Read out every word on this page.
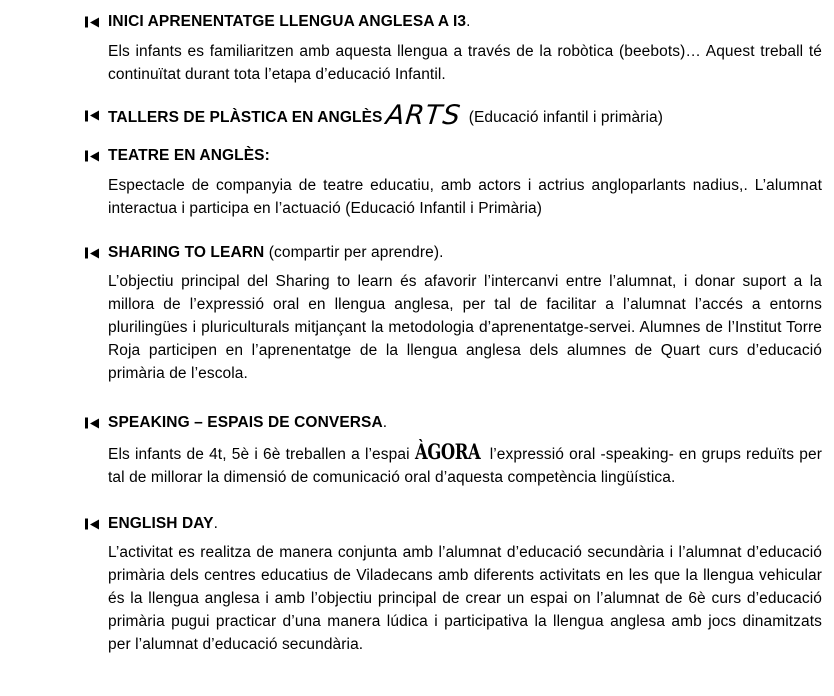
INICI APRENENTATGE LLENGUA ANGLESA A I3.

Els infants es familiaritzen amb aquesta llengua a través de la robòtica (beebots)… Aquest treball té continuïtat durant tota l’etapa d’educació Infantil.

TALLERS DE PLÀSTICA EN ANGLÈSARTS (Educació infantil i primària)
TEATRE EN ANGLÈS:

Espectacle de companyia de teatre educatiu, amb actors i actrius angloparlants nadius,. L’alumnat interactua i participa en l’actuació (Educació Infantil i Primària)

SHARING TO LEARN (compartir per aprendre).

L’objectiu principal del Sharing to learn és afavorir l’intercanvi entre l’alumnat, i donar suport a la millora de l’expressió oral en llengua anglesa, per tal de facilitar a l’alumnat l’accés a entorns plurilingües i pluriculturals mitjançant la metodologia d’aprenentatge-servei. Alumnes de l’Institut Torre Roja participen en l’aprenentatge de la llengua anglesa dels alumnes de Quart curs d’educació primària de l’escola.

SPEAKING – ESPAIS DE CONVERSA.

Els infants de 4t, 5è i 6è treballen a l’espai ÀGORA l’expressió oral -speaking- en grups reduïts per tal de millorar la dimensió de comunicació oral d’aquesta competència lingüística.

ENGLISH DAY.

L’activitat es realitza de manera conjunta amb l’alumnat d’educació secundària i l’alumnat d’educació primària dels centres educatius de Viladecans amb diferents activitats en les que la llengua vehicular és la llengua anglesa i amb l’objectiu principal de crear un espai on l’alumnat de 6è curs d’educació primària pugui practicar d’una manera lúdica i participativa la llengua anglesa amb jocs dinamitzats per l’alumnat d’educació secundària.
